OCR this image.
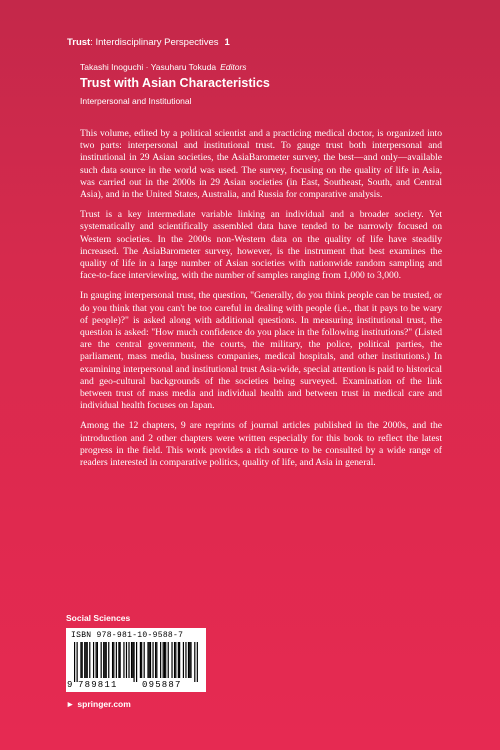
Trust: Interdisciplinary Perspectives 1
Takashi Inoguchi · Yasuharu Tokuda Editors
Trust with Asian Characteristics
Interpersonal and Institutional

This volume, edited by a political scientist and a practicing medical doctor, is organized into two parts: interpersonal and institutional trust. To gauge trust both interpersonal and institutional in 29 Asian societies, the AsiaBarometer survey, the best—and only—available such data source in the world was used. The survey, focusing on the quality of life in Asia, was carried out in the 2000s in 29 Asian societies (in East, Southeast, South, and Central Asia), and in the United States, Australia, and Russia for comparative analysis.

Trust is a key intermediate variable linking an individual and a broader society. Yet systematically and scientifically assembled data have tended to be narrowly focused on Western societies. In the 2000s non-Western data on the quality of life have steadily increased. The AsiaBarometer survey, however, is the instrument that best examines the quality of life in a large number of Asian societies with nationwide random sampling and face-to-face interviewing, with the number of samples ranging from 1,000 to 3,000.

In gauging interpersonal trust, the question, "Generally, do you think people can be trusted, or do you think that you can't be too careful in dealing with people (i.e., that it pays to be wary of people)?" is asked along with additional questions. In measuring institutional trust, the question is asked: "How much confidence do you place in the following institutions?" (Listed are the central government, the courts, the military, the police, political parties, the parliament, mass media, business companies, medical hospitals, and other institutions.) In examining interpersonal and institutional trust Asia-wide, special attention is paid to historical and geo-cultural backgrounds of the societies being surveyed. Examination of the link between trust of mass media and individual health and between trust in medical care and individual health focuses on Japan.

Among the 12 chapters, 9 are reprints of journal articles published in the 2000s, and the introduction and 2 other chapters were written especially for this book to reflect the latest progress in the field. This work provides a rich source to be consulted by a wide range of readers interested in comparative politics, quality of life, and Asia in general.

Social Sciences
ISBN 978-981-10-9588-7
9 789811	095887
► springer.com
